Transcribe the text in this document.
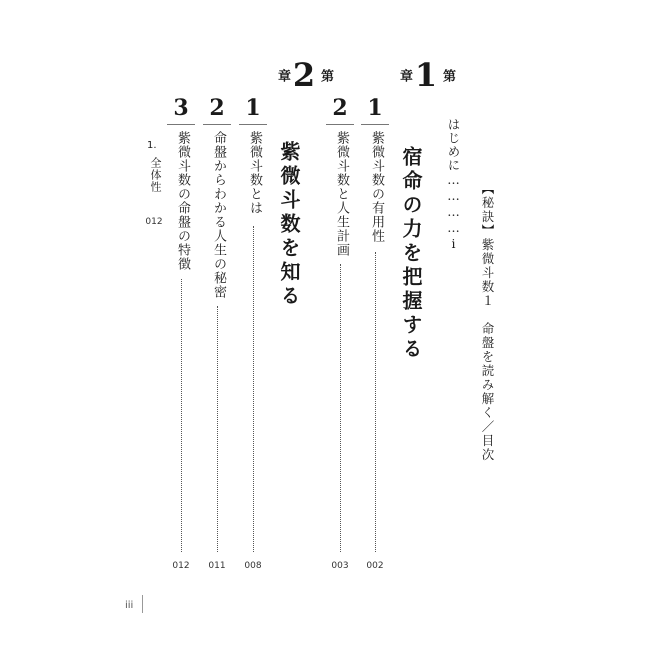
【秘訣】紫微斗数１　命盤を読み解く／目次
はじめに…………i
第
1
章
宿命の力を把握する
1
紫微斗数の有用性
002
2
紫微斗数と人生計画
003
第
2
章
紫微斗数を知る
1
紫微斗数とは
008
2
命盤からわかる人生の秘密
011
3
紫微斗数の命盤の特徴
012
1.
全体性
012
iii
